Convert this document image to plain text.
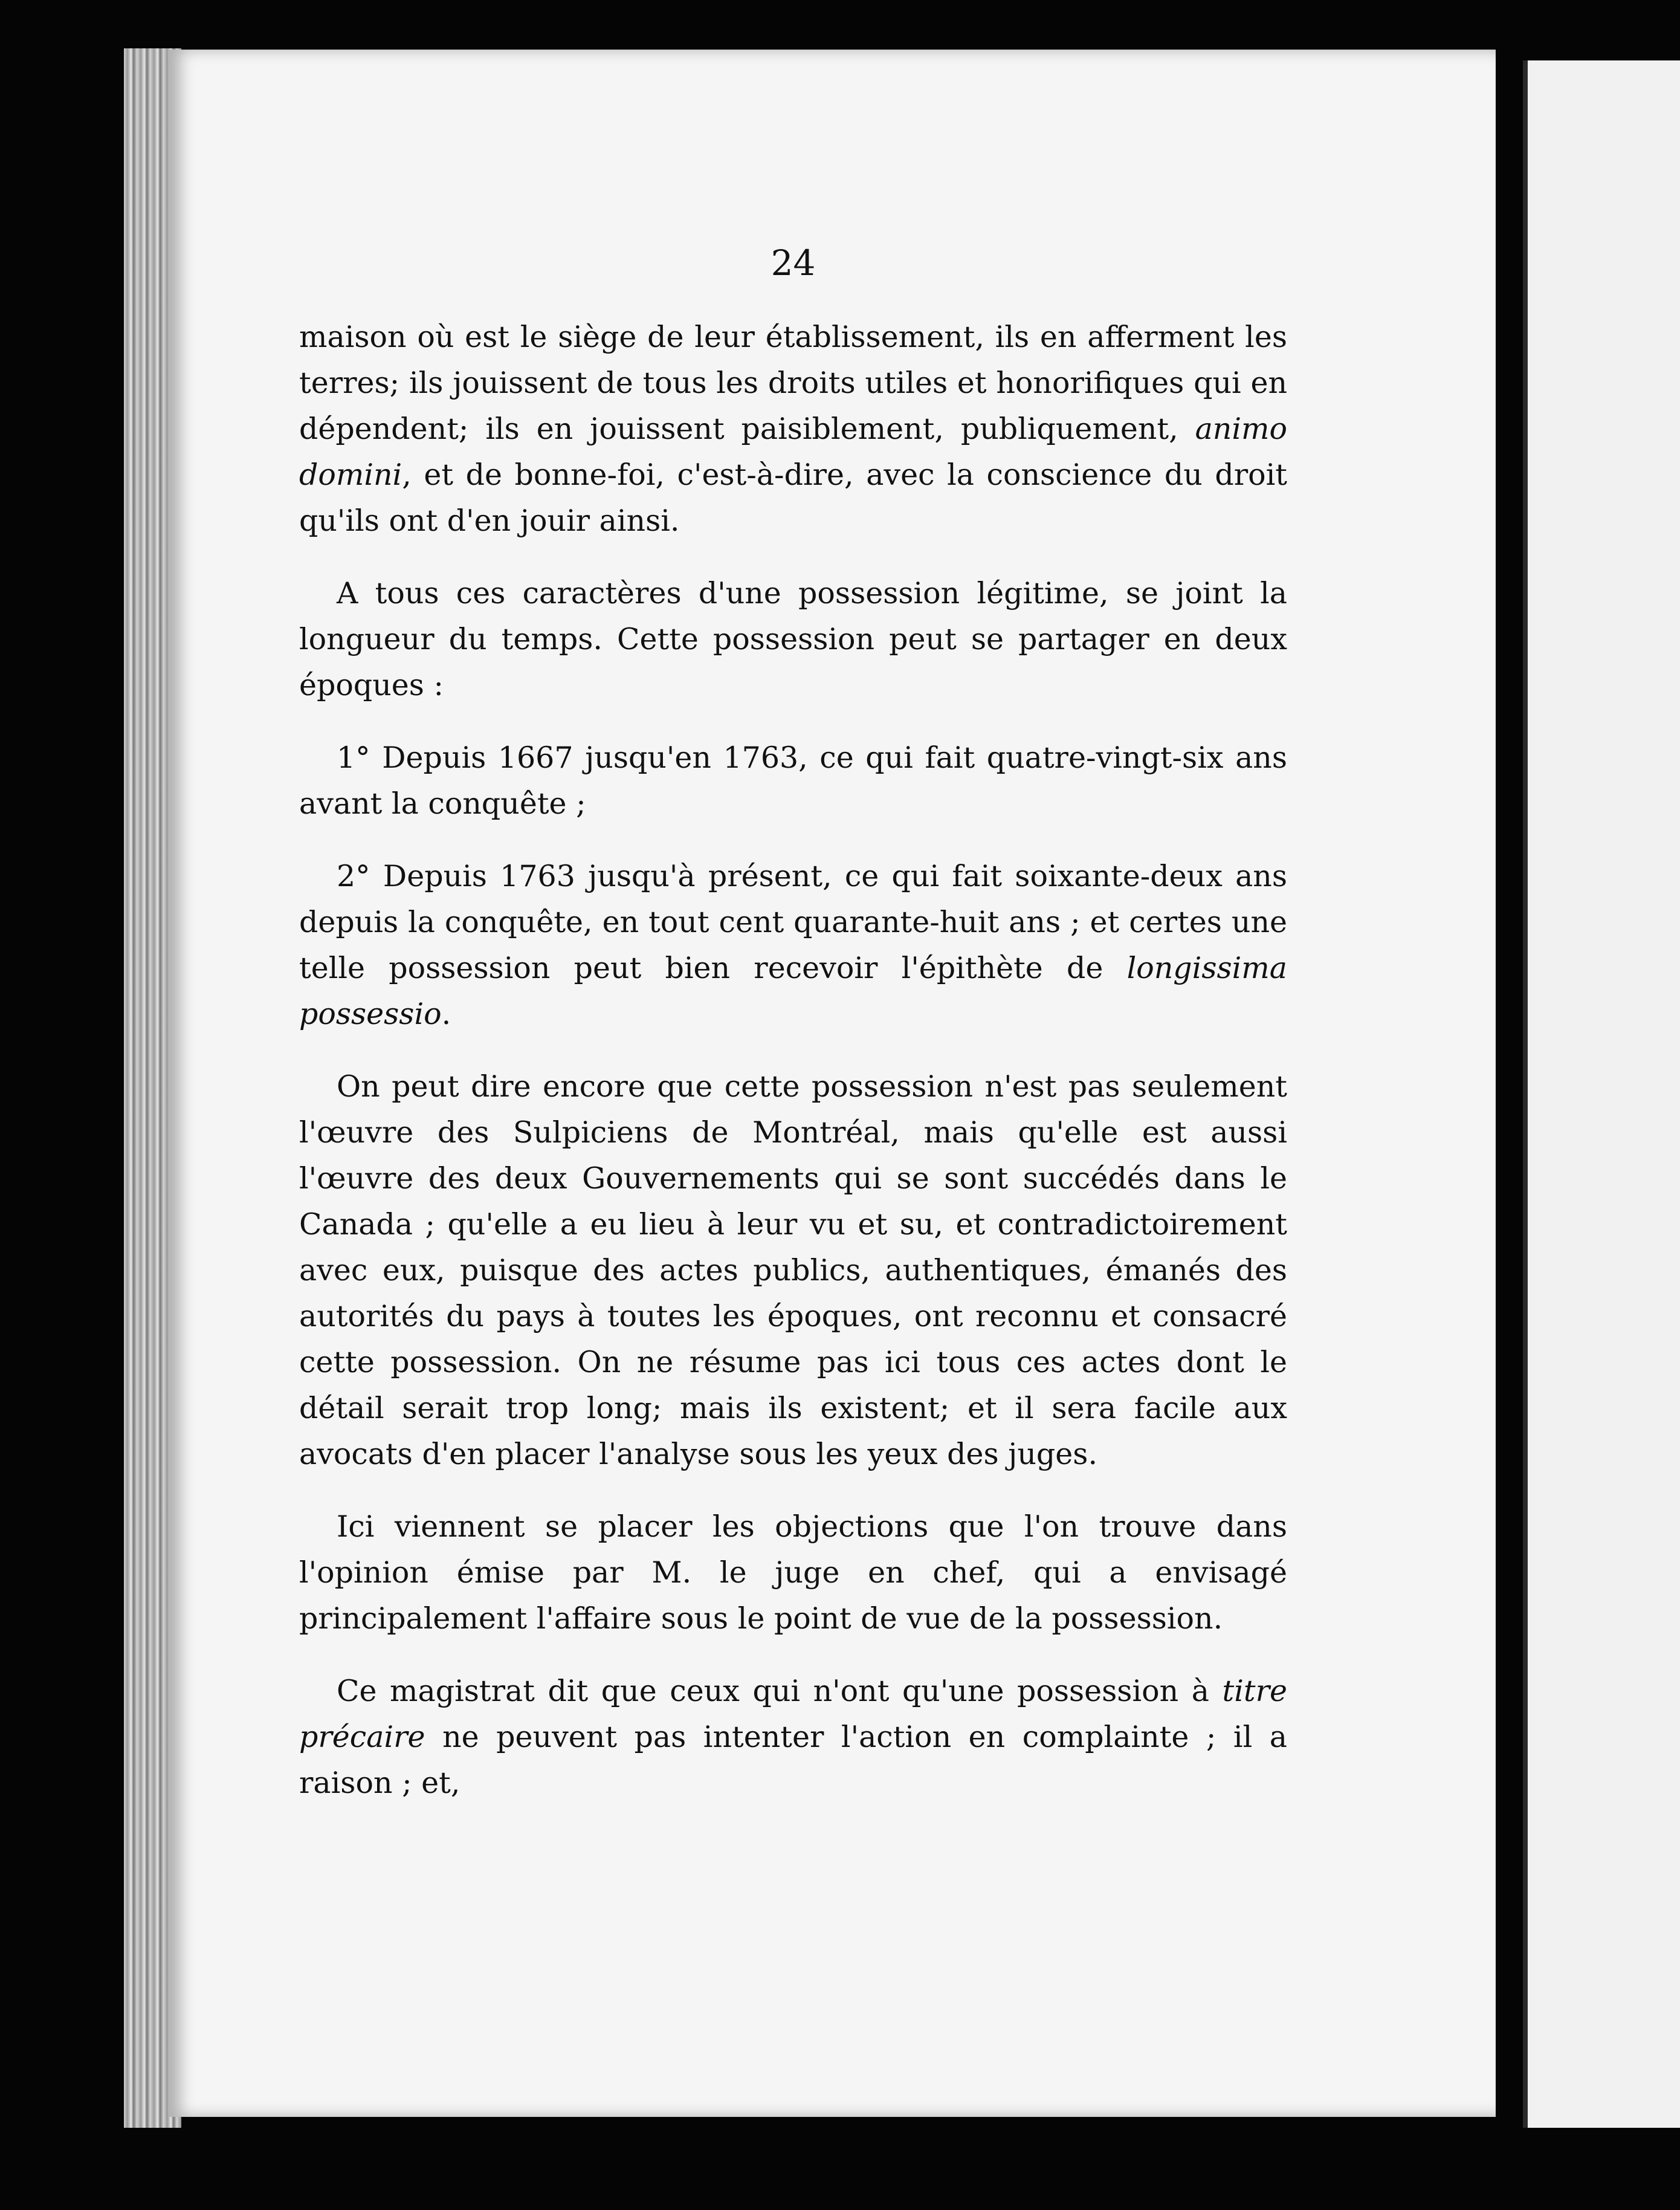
24

maison où est le siège de leur établissement, ils en afferment les terres; ils jouissent de tous les droits utiles et honorifiques qui en dépendent; ils en jouissent paisiblement, publiquement, animo domini, et de bonne-foi, c'est-à-dire, avec la conscience du droit qu'ils ont d'en jouir ainsi.

A tous ces caractères d'une possession légitime, se joint la longueur du temps. Cette possession peut se partager en deux époques :

1° Depuis 1667 jusqu'en 1763, ce qui fait quatre-vingt-six ans avant la conquête ;

2° Depuis 1763 jusqu'à présent, ce qui fait soixante-deux ans depuis la conquête, en tout cent quarante-huit ans ; et certes une telle possession peut bien recevoir l'épithète de longissima possessio.

On peut dire encore que cette possession n'est pas seulement l'œuvre des Sulpiciens de Montréal, mais qu'elle est aussi l'œuvre des deux Gouvernements qui se sont succédés dans le Canada ; qu'elle a eu lieu à leur vu et su, et contradictoirement avec eux, puisque des actes publics, authentiques, émanés des autorités du pays à toutes les époques, ont reconnu et consacré cette possession. On ne résume pas ici tous ces actes dont le détail serait trop long; mais ils existent; et il sera facile aux avocats d'en placer l'analyse sous les yeux des juges.

Ici viennent se placer les objections que l'on trouve dans l'opinion émise par M. le juge en chef, qui a envisagé principalement l'affaire sous le point de vue de la possession.

Ce magistrat dit que ceux qui n'ont qu'une possession à titre précaire ne peuvent pas intenter l'action en complainte ; il a raison ; et,
